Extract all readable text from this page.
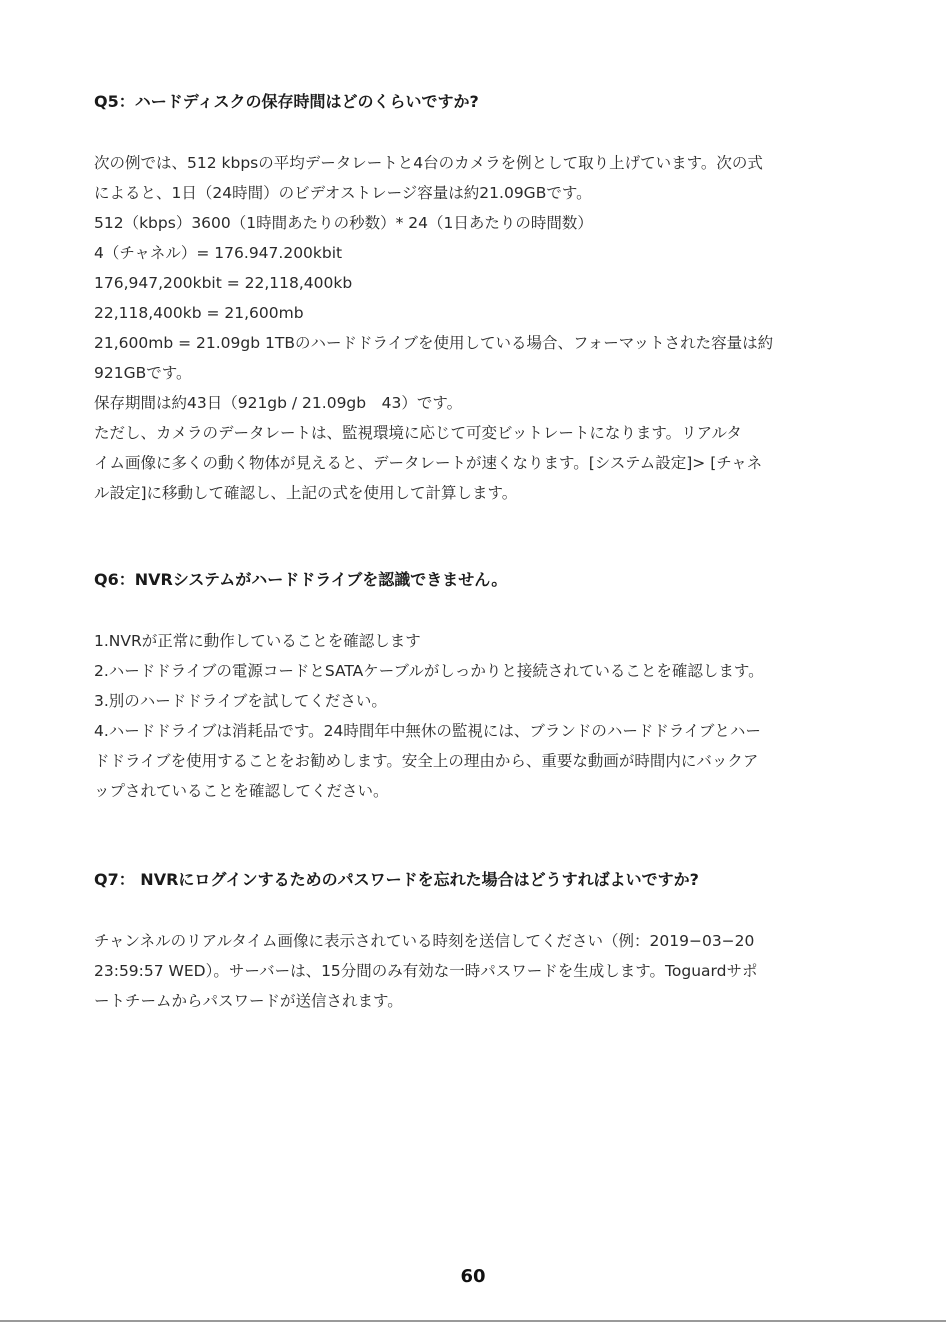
Q5：ハードディスクの保存時間はどのくらいですか?

次の例では、512 kbpsの平均データレートと4台のカメラを例として取り上げています。次の式

によると、1日（24時間）のビデオストレージ容量は約21.09GBです。

512（kbps）3600（1時間あたりの秒数）* 24（1日あたりの時間数）

4（チャネル）= 176.947.200kbit

176,947,200kbit = 22,118,400kb

22,118,400kb = 21,600mb

21,600mb = 21.09gb 1TBのハードドライブを使用している場合、フォーマットされた容量は約

921GBです。

保存期間は約43日（921gb / 21.09gb　43）です。

ただし、カメラのデータレートは、監視環境に応じて可変ビットレートになります。リアルタ

イム画像に多くの動く物体が見えると、データレートが速くなります。[システム設定]> [チャネ

ル設定]に移動して確認し、上記の式を使用して計算します。

Q6：NVRシステムがハードドライブを認識できません。

1.NVRが正常に動作していることを確認します

2.ハードドライブの電源コードとSATAケーブルがしっかりと接続されていることを確認します。

3.別のハードドライブを試してください。

4.ハードドライブは消耗品です。24時間年中無休の監視には、ブランドのハードドライブとハー

ドドライブを使用することをお勧めします。安全上の理由から、重要な動画が時間内にバックア

ップされていることを確認してください。

Q7： NVRにログインするためのパスワードを忘れた場合はどうすればよいですか?

チャンネルのリアルタイム画像に表示されている時刻を送信してください（例：2019−03−20

23:59:57 WED）。サーバーは、15分間のみ有効な一時パスワードを生成します。Toguardサポ

ートチームからパスワードが送信されます。

60
